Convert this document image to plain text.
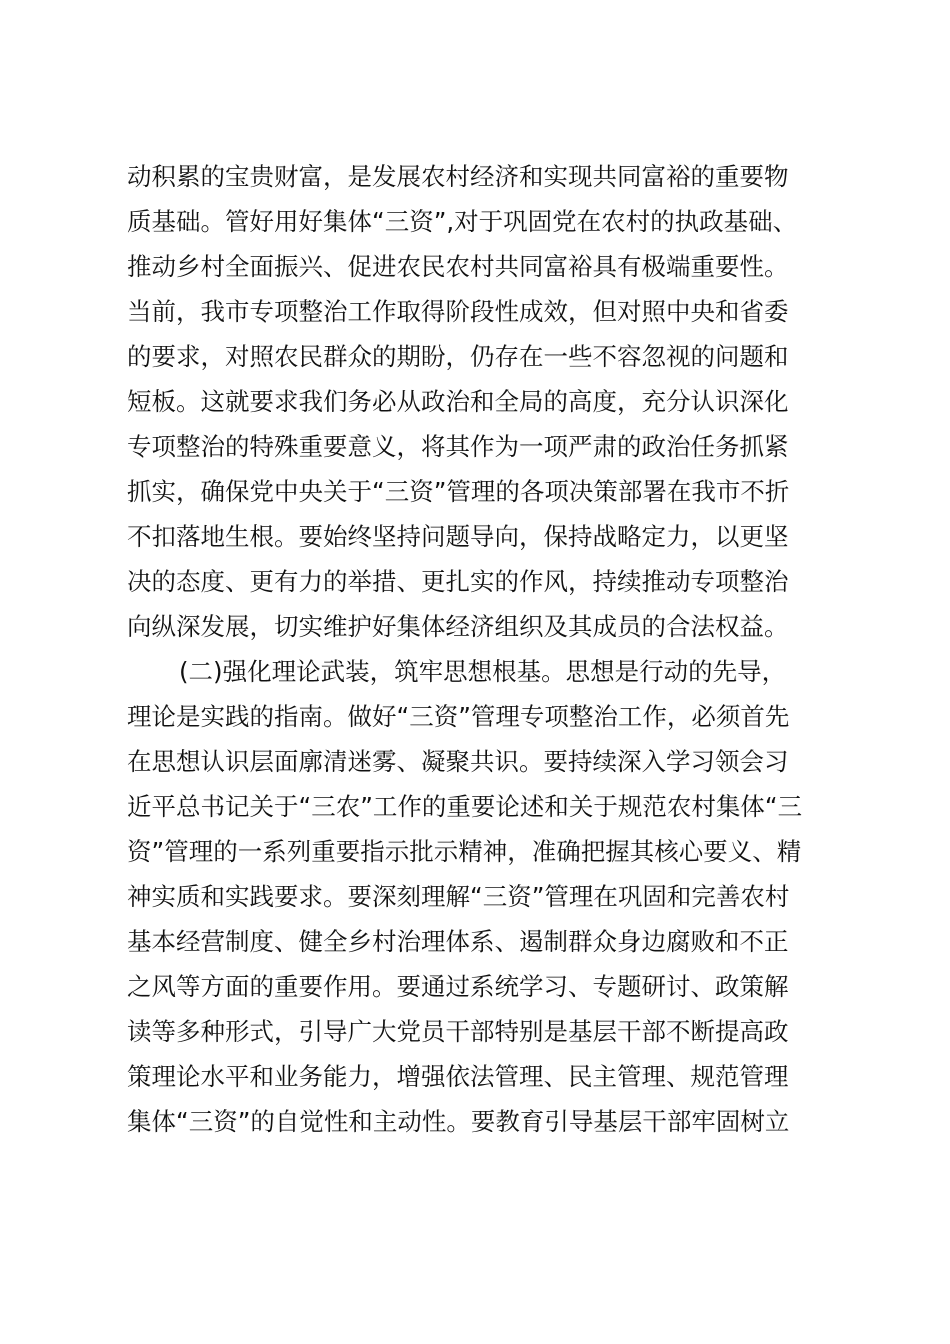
动积累的宝贵财富，是发展农村经济和实现共同富裕的重要物
质基础。管好用好集体“三资”,对于巩固党在农村的执政基础、
推动乡村全面振兴、促进农民农村共同富裕具有极端重要性。
当前，我市专项整治工作取得阶段性成效，但对照中央和省委
的要求，对照农民群众的期盼，仍存在一些不容忽视的问题和
短板。这就要求我们务必从政治和全局的高度，充分认识深化
专项整治的特殊重要意义，将其作为一项严肃的政治任务抓紧
抓实，确保党中央关于“三资”管理的各项决策部署在我市不折
不扣落地生根。要始终坚持问题导向，保持战略定力，以更坚
决的态度、更有力的举措、更扎实的作风，持续推动专项整治
向纵深发展，切实维护好集体经济组织及其成员的合法权益。
(二)强化理论武装，筑牢思想根基。思想是行动的先导，
理论是实践的指南。做好“三资”管理专项整治工作，必须首先
在思想认识层面廓清迷雾、凝聚共识。要持续深入学习领会习
近平总书记关于“三农”工作的重要论述和关于规范农村集体“三
资”管理的一系列重要指示批示精神，准确把握其核心要义、精
神实质和实践要求。要深刻理解“三资”管理在巩固和完善农村
基本经营制度、健全乡村治理体系、遏制群众身边腐败和不正
之风等方面的重要作用。要通过系统学习、专题研讨、政策解
读等多种形式，引导广大党员干部特别是基层干部不断提高政
策理论水平和业务能力，增强依法管理、民主管理、规范管理
集体“三资”的自觉性和主动性。要教育引导基层干部牢固树立
